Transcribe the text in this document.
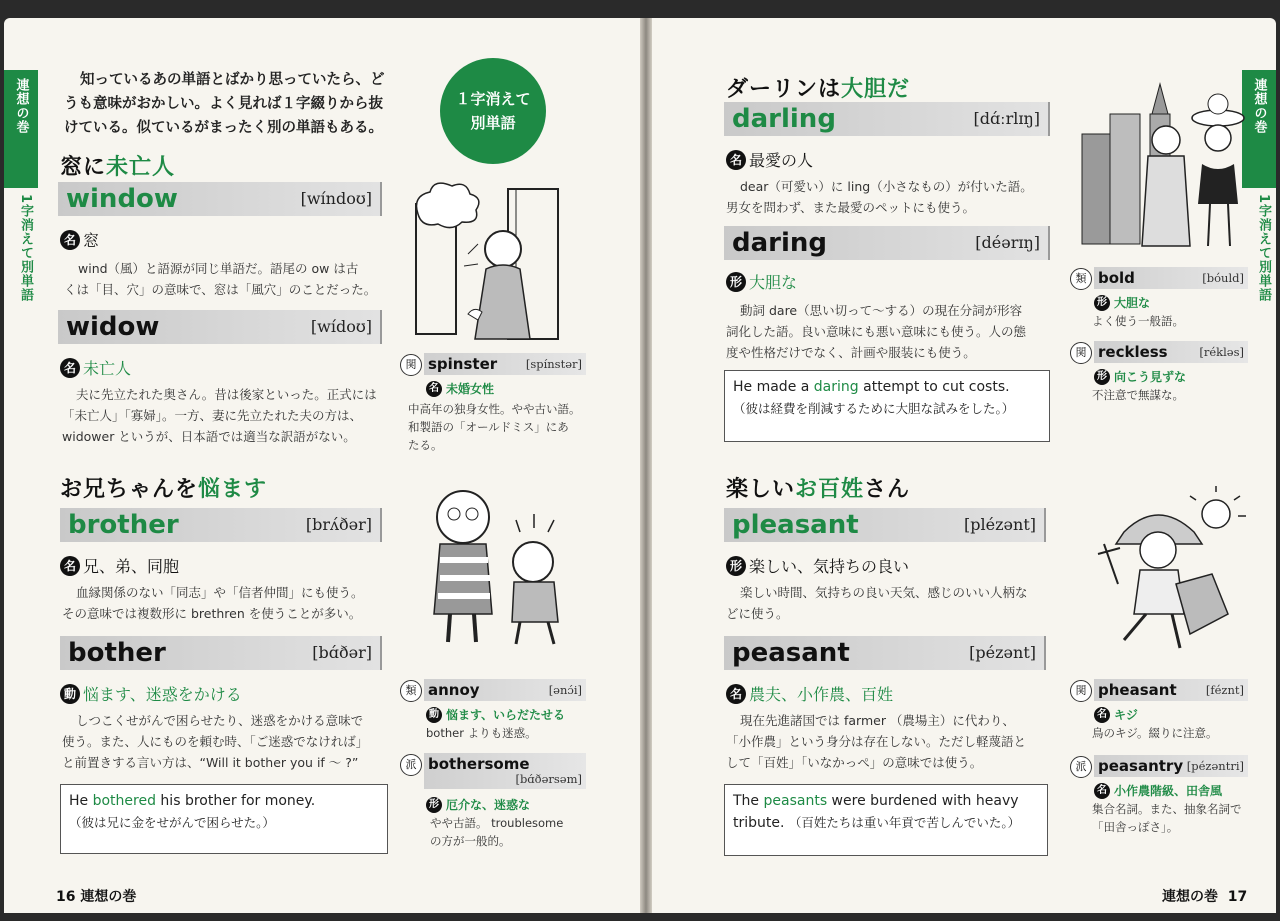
連想の巻
1字消えて別単語
知っているあの単語とばかり思っていたら、ど
うも意味がおかしい。よく見れば１字綴りから抜
けている。似ているがまったく別の単語もある。
１字消えて
別単語
窓に未亡人
window	[wíndoʊ]
名 窓
wind（風）と語源が同じ単語だ。語尾の ow は古
くは「目、穴」の意味で、窓は「風穴」のことだった。
widow	[wídoʊ]
名 未亡人
夫に先立たれた奥さん。昔は後家といった。正式には
「未亡人」「寡婦」。一方、妻に先立たれた夫の方は、
widower というが、日本語では適当な訳語がない。
関 spinster [spínstər]
名 未婚女性
中高年の独身女性。やや古い語。
和製語の「オールドミス」にあ
たる。
お兄ちゃんを悩ます
brother	[brʌ́ðər]
名 兄、弟、同胞
血縁関係のない「同志」や「信者仲間」にも使う。
その意味では複数形に brethren を使うことが多い。
bother	[bɑ́ðər]
動 悩ます、迷惑をかける
しつこくせがんで困らせたり、迷惑をかける意味で
使う。また、人にものを頼む時、「ご迷惑でなければ」
と前置きする言い方は、“Will it bother you if ～ ?”
He bothered his brother for money.
（彼は兄に金をせがんで困らせた。）
類 annoy	[ənɔ́i]
動 悩ます、いらだたせる
bother よりも迷惑。
派 bothersome
[bɑ́ðərsəm]
形 厄介な、迷惑な
やや古語。 troublesome
の方が一般的。
16 連想の巻
連想の巻
1字消えて別単語
ダーリンは大胆だ
darling	[dɑ́ːrlɪŋ]
名 最愛の人
dear（可愛い）に ling（小さなもの）が付いた語。
男女を問わず、また最愛のペットにも使う。
daring	[déərɪŋ]
形 大胆な
動詞 dare（思い切って～する）の現在分詞が形容
詞化した語。良い意味にも悪い意味にも使う。人の態
度や性格だけでなく、計画や服装にも使う。
He made a daring attempt to cut costs.
（彼は経費を削減するために大胆な試みをした。）
類 bold	[bóuld]
形 大胆な
よく使う一般語。
関 reckless	[rékləs]
形 向こう見ずな
不注意で無謀な。
楽しいお百姓さん
pleasant	[plézənt]
形 楽しい、気持ちの良い
楽しい時間、気持ちの良い天気、感じのいい人柄な
どに使う。
peasant	[pézənt]
名 農夫、小作農、百姓
現在先進諸国では farmer （農場主）に代わり、
「小作農」という身分は存在しない。ただし軽蔑語と
して「百姓」「いなかっぺ」の意味では使う。
The peasants were burdened with heavy
tribute. （百姓たちは重い年貢で苦しんでいた。）
関 pheasant	[féznt]
名 キジ
鳥のキジ。綴りに注意。
派 peasantry [pézəntri]
名 小作農階級、田舎風
集合名詞。また、抽象名詞で
「田舎っぽさ」。
連想の巻 17
